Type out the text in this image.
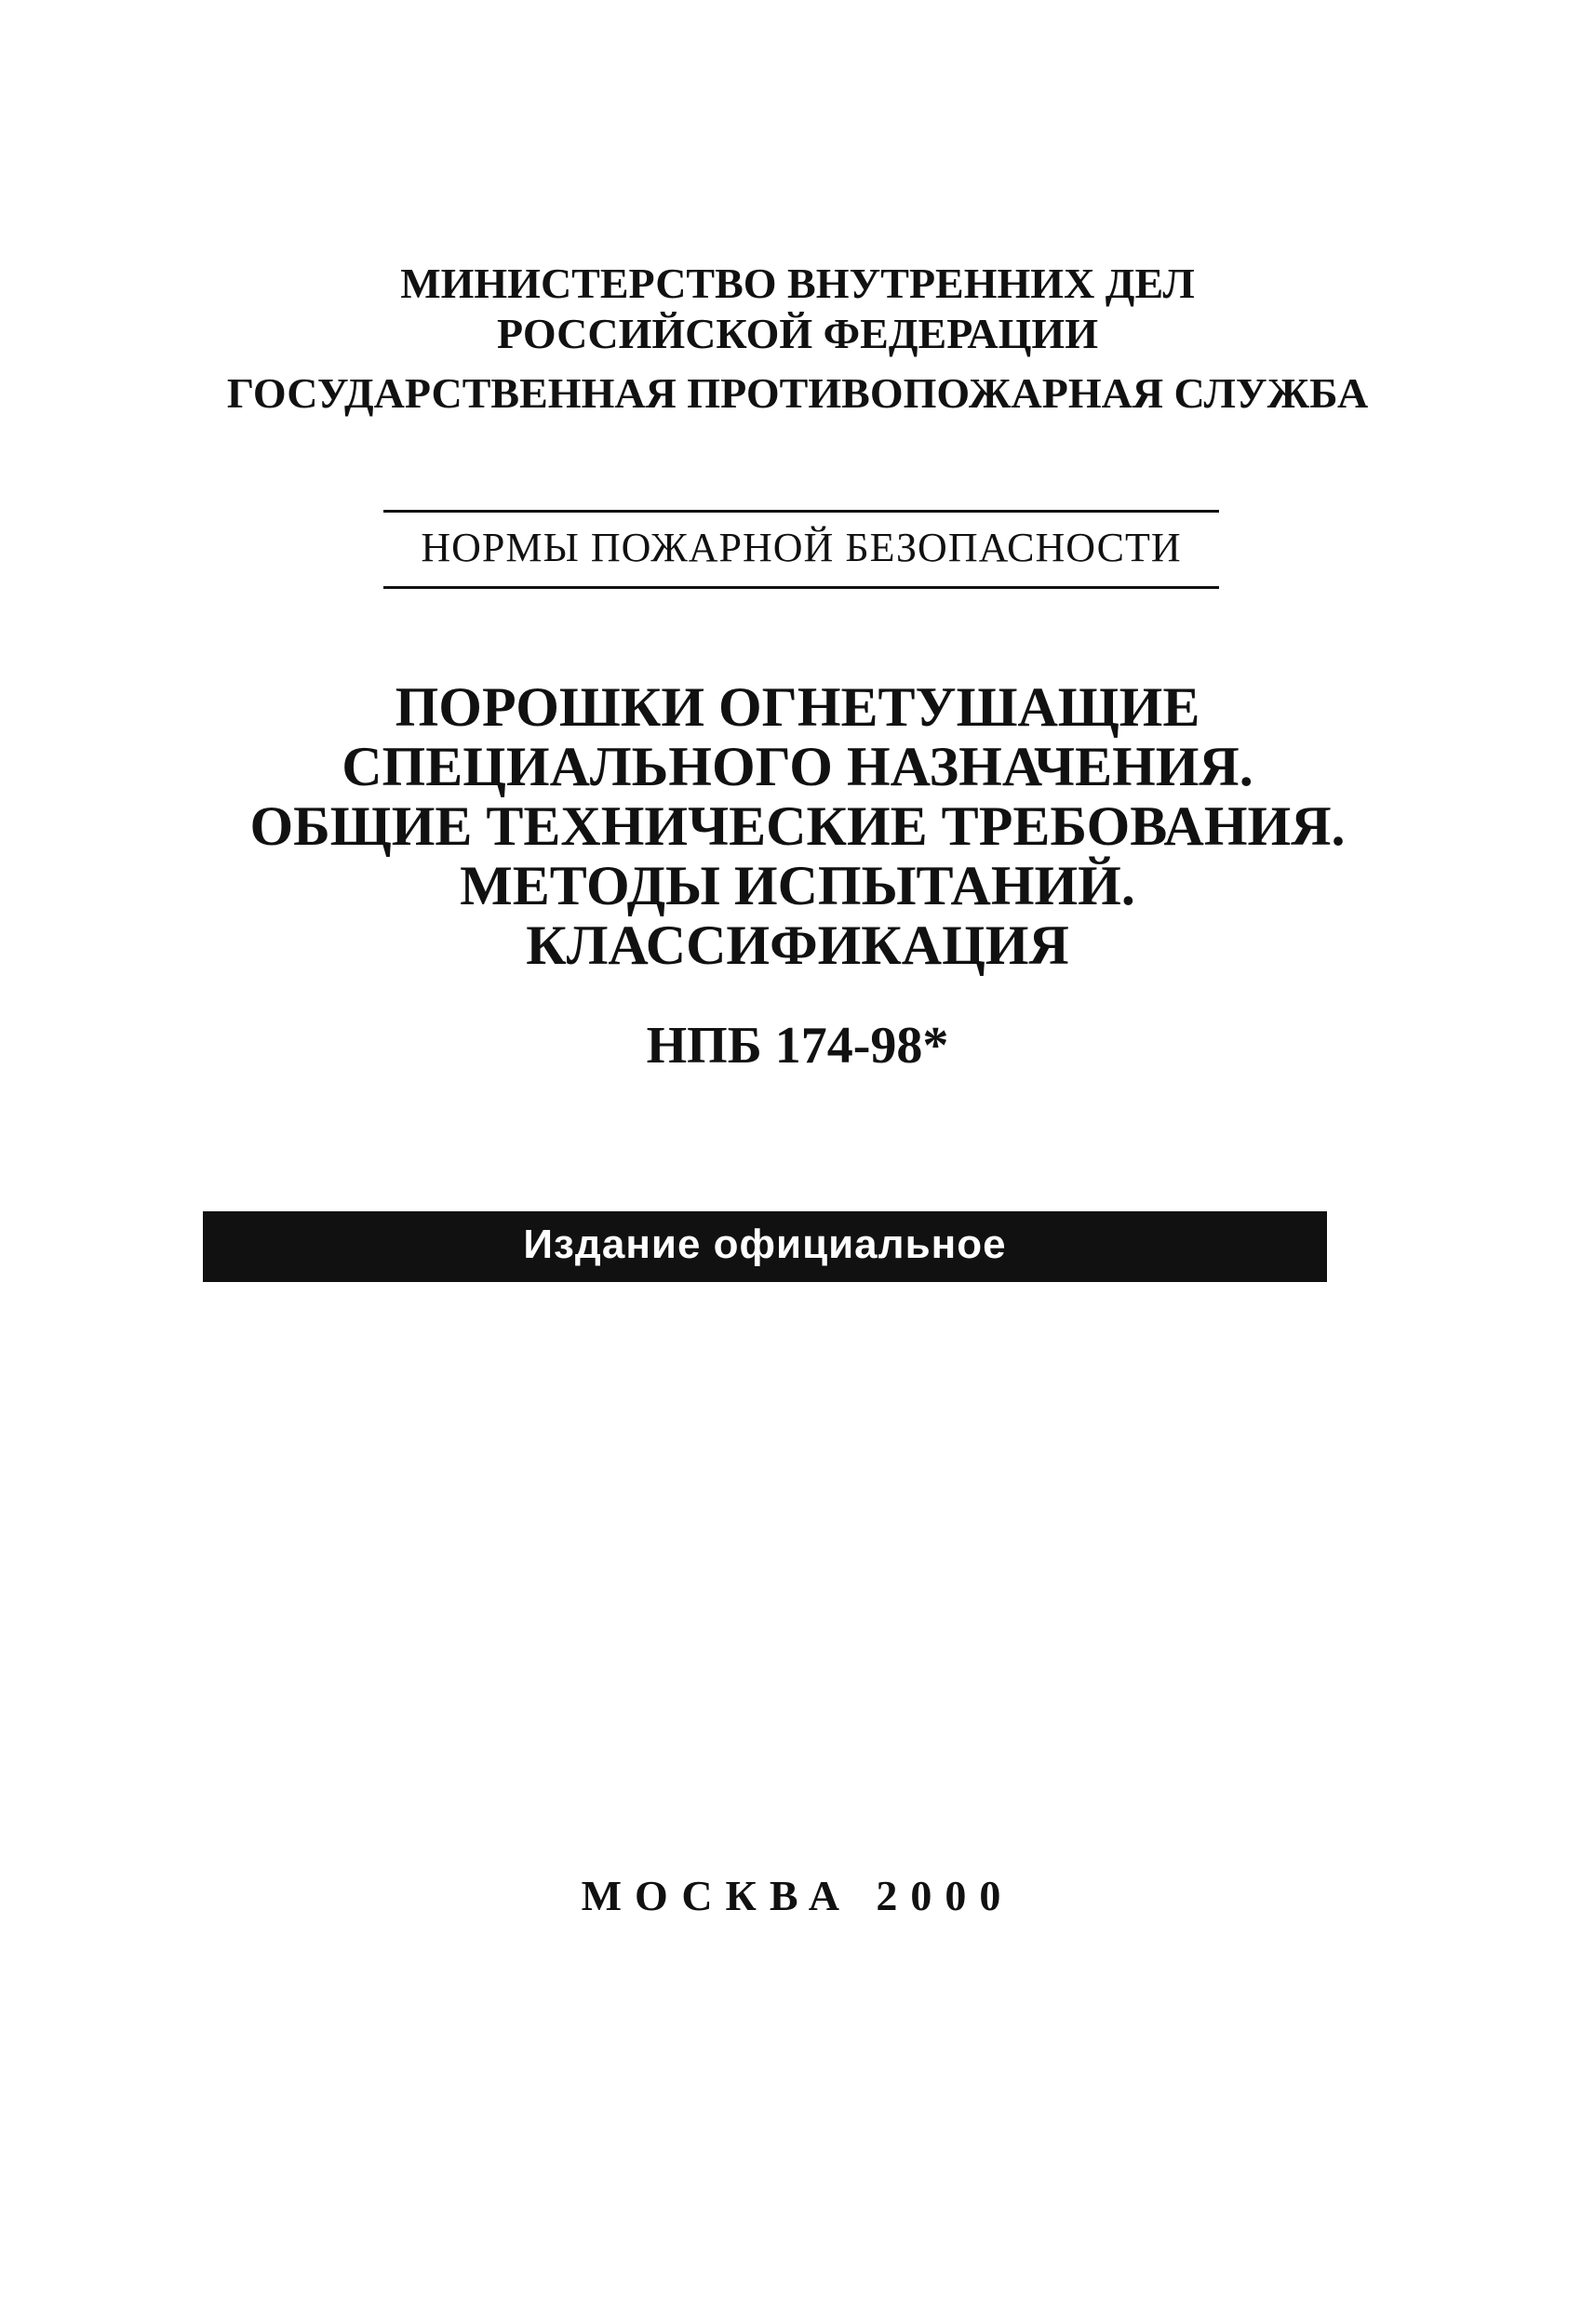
МИНИСТЕРСТВО ВНУТРЕННИХ ДЕЛ
РОССИЙСКОЙ ФЕДЕРАЦИИ
ГОСУДАРСТВЕННАЯ ПРОТИВОПОЖАРНАЯ СЛУЖБА
НОРМЫ ПОЖАРНОЙ БЕЗОПАСНОСТИ
ПОРОШКИ ОГНЕТУШАЩИЕ
СПЕЦИАЛЬНОГО НАЗНАЧЕНИЯ.
ОБЩИЕ ТЕХНИЧЕСКИЕ ТРЕБОВАНИЯ.
МЕТОДЫ ИСПЫТАНИЙ.
КЛАССИФИКАЦИЯ
НПБ 174-98*
Издание официальное
МОСКВА 2000
